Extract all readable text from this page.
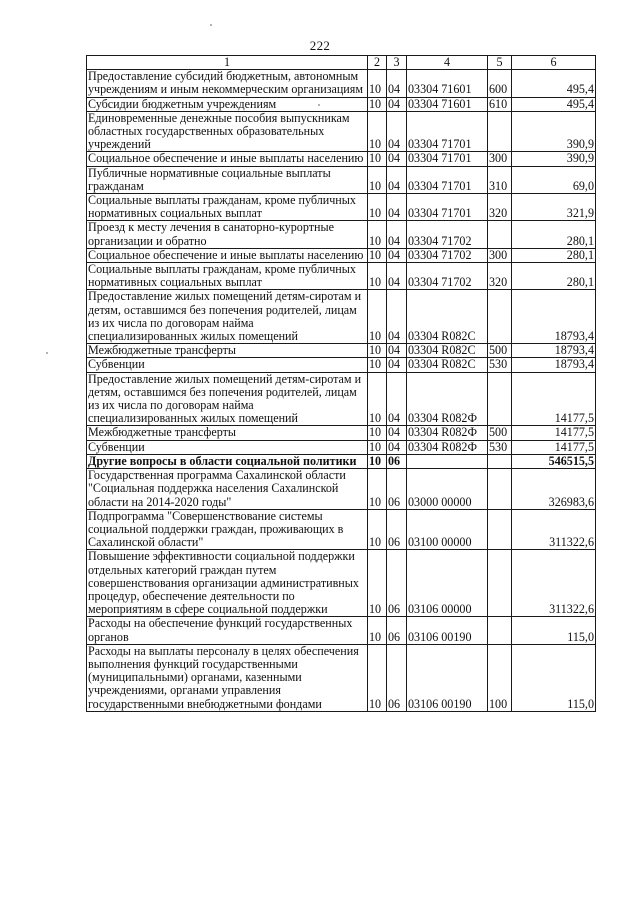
222
1	2	3	4	5	6
Предоставление субсидий бюджетным, автономным учреждениям и иным некоммерческим организациям	10	04	03304 71601	600	495,4
Субсидии бюджетным учреждениям	10	04	03304 71601	610	495,4
Единовременные денежные пособия выпускникам областных государственных образовательных учреждений	10	04	03304 71701		390,9
Социальное обеспечение и иные выплаты населению	10	04	03304 71701	300	390,9
Публичные нормативные социальные выплаты гражданам	10	04	03304 71701	310	69,0
Социальные выплаты гражданам, кроме публичных нормативных социальных выплат	10	04	03304 71701	320	321,9
Проезд к месту лечения в санаторно-курортные организации и обратно	10	04	03304 71702		280,1
Социальное обеспечение и иные выплаты населению	10	04	03304 71702	300	280,1
Социальные выплаты гражданам, кроме публичных нормативных социальных выплат	10	04	03304 71702	320	280,1
Предоставление жилых помещений детям-сиротам и детям, оставшимся без попечения родителей, лицам из их числа по договорам найма специализированных жилых помещений	10	04	03304 R082С		18793,4
Межбюджетные трансферты	10	04	03304 R082С	500	18793,4
Субвенции	10	04	03304 R082С	530	18793,4
Предоставление жилых помещений детям-сиротам и детям, оставшимся без попечения родителей, лицам из их числа по договорам найма специализированных жилых помещений	10	04	03304 R082Ф		14177,5
Межбюджетные трансферты	10	04	03304 R082Ф	500	14177,5
Субвенции	10	04	03304 R082Ф	530	14177,5
Другие вопросы в области социальной политики	10	06			546515,5
Государственная программа Сахалинской области "Социальная поддержка населения Сахалинской области на 2014-2020 годы"	10	06	03000 00000		326983,6
Подпрограмма "Совершенствование системы социальной поддержки граждан, проживающих в Сахалинской области"	10	06	03100 00000		311322,6
Повышение эффективности социальной поддержки отдельных категорий граждан путем совершенствования организации административных процедур, обеспечение деятельности по мероприятиям в сфере социальной поддержки	10	06	03106 00000		311322,6
Расходы на обеспечение функций государственных органов	10	06	03106 00190		115,0
Расходы на выплаты персоналу в целях обеспечения выполнения функций государственными (муниципальными) органами, казенными учреждениями, органами управления государственными внебюджетными фондами	10	06	03106 00190	100	115,0
